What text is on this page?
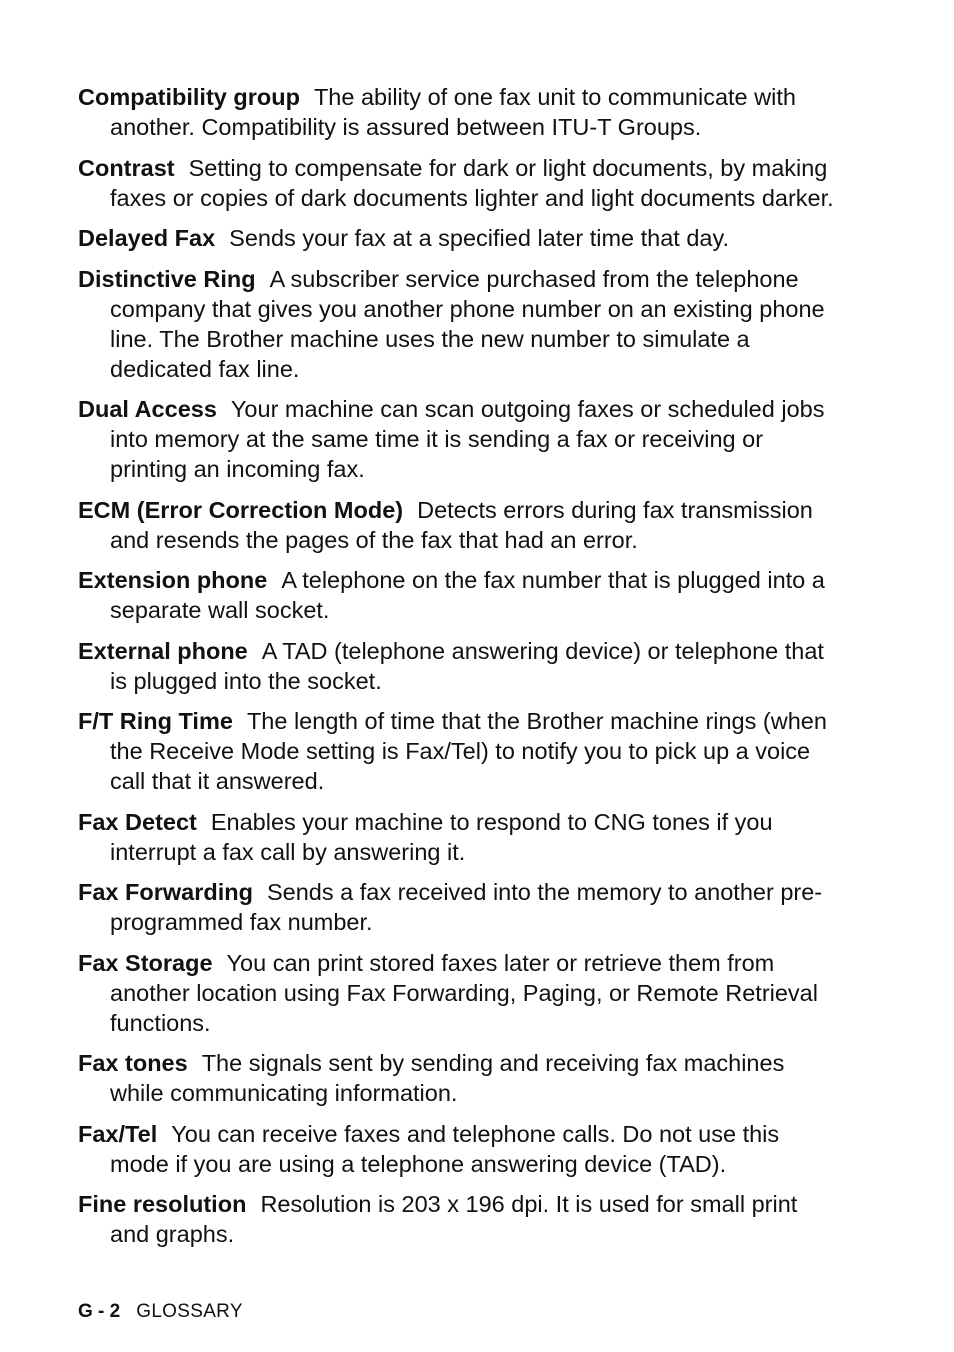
Compatibility group The ability of one fax unit to communicate with another. Compatibility is assured between ITU-T Groups.

Contrast Setting to compensate for dark or light documents, by making faxes or copies of dark documents lighter and light documents darker.

Delayed Fax Sends your fax at a specified later time that day.

Distinctive Ring A subscriber service purchased from the telephone company that gives you another phone number on an existing phone line. The Brother machine uses the new number to simulate a dedicated fax line.

Dual Access Your machine can scan outgoing faxes or scheduled jobs into memory at the same time it is sending a fax or receiving or printing an incoming fax.

ECM (Error Correction Mode) Detects errors during fax transmission and resends the pages of the fax that had an error.

Extension phone A telephone on the fax number that is plugged into a separate wall socket.

External phone A TAD (telephone answering device) or telephone that is plugged into the socket.

F/T Ring Time The length of time that the Brother machine rings (when the Receive Mode setting is Fax/Tel) to notify you to pick up a voice call that it answered.

Fax Detect Enables your machine to respond to CNG tones if you interrupt a fax call by answering it.

Fax Forwarding Sends a fax received into the memory to another pre-programmed fax number.

Fax Storage You can print stored faxes later or retrieve them from another location using Fax Forwarding, Paging, or Remote Retrieval functions.

Fax tones The signals sent by sending and receiving fax machines while communicating information.

Fax/Tel You can receive faxes and telephone calls. Do not use this mode if you are using a telephone answering device (TAD).

Fine resolution Resolution is 203 x 196 dpi. It is used for small print and graphs.

G - 2 GLOSSARY
